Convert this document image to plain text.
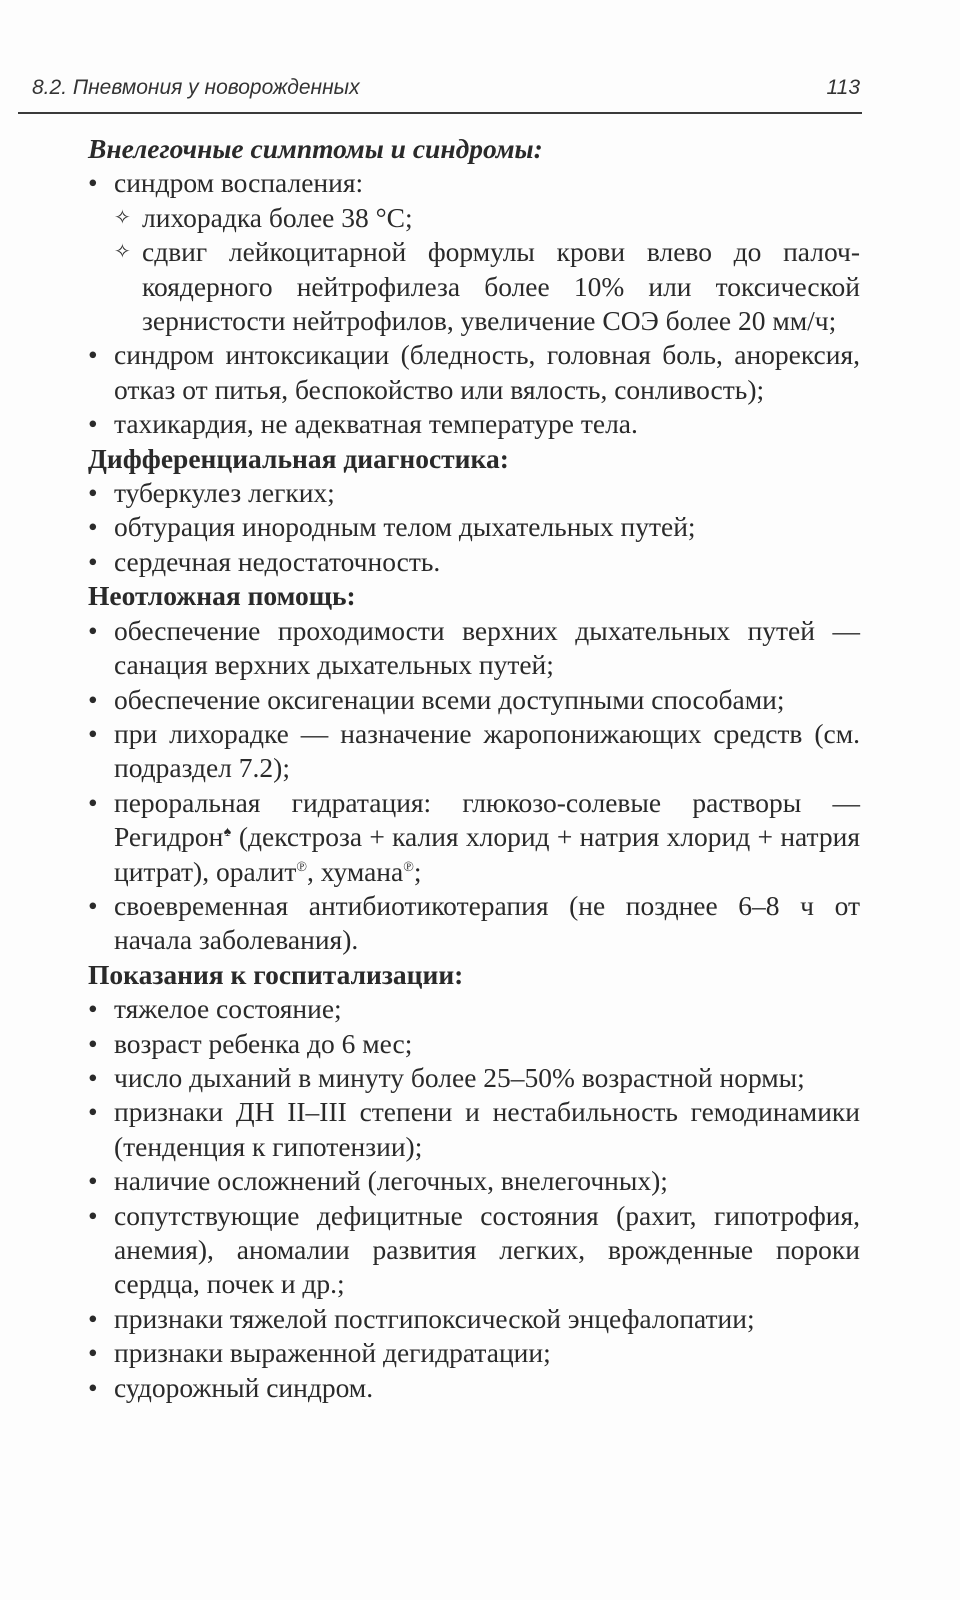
8.2. Пневмония у новорожденных	113

Внелегочные симптомы и синдромы:

• синдром воспаления:
✧ лихорадка более 38 °С;
✧ сдвиг лейкоцитарной формулы крови влево до палочкоядерного нейтрофилеза более 10% или токсической зернистости нейтрофилов, увеличение СОЭ более 20 мм/ч;
• синдром интоксикации (бледность, головная боль, анорексия, отказ от питья, беспокойство или вялость, сонливость);
• тахикардия, не адекватная температуре тела.

Дифференциальная диагностика:

• туберкулез легких;
• обтурация инородным телом дыхательных путей;
• сердечная недостаточность.

Неотложная помощь:

• обеспечение проходимости верхних дыхательных путей — санация верхних дыхательных путей;
• обеспечение оксигенации всеми доступными способами;
• при лихорадке — назначение жаропонижающих средств (см. подраздел 7.2);
• пероральная гидратация: глюкозо-солевые растворы — Регидрон♠ (декстроза + калия хлорид + натрия хлорид + натрия цитрат), оралит℗, хумана℗;
• своевременная антибиотикотерапия (не позднее 6–8 ч от начала заболевания).

Показания к госпитализации:

• тяжелое состояние;
• возраст ребенка до 6 мес;
• число дыханий в минуту более 25–50% возрастной нормы;
• признаки ДН II–III степени и нестабильность гемодинамики (тенденция к гипотензии);
• наличие осложнений (легочных, внелегочных);
• сопутствующие дефицитные состояния (рахит, гипотрофия, анемия), аномалии развития легких, врожденные пороки сердца, почек и др.;
• признаки тяжелой постгипоксической энцефалопатии;
• признаки выраженной дегидратации;
• судорожный синдром.
